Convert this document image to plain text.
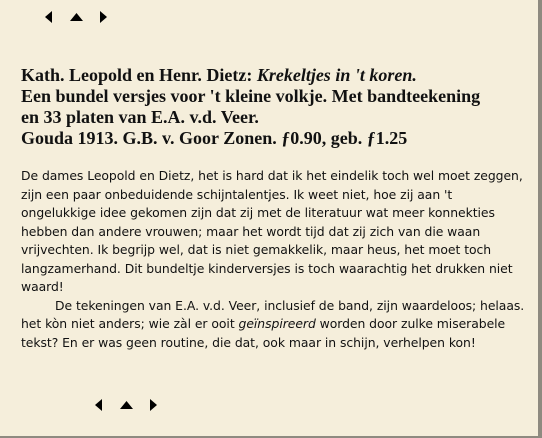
Kath. Leopold en Henr. Dietz: Krekeltjes in 't koren.
Een bundel versjes voor 't kleine volkje. Met bandteekening
en 33 platen van E.A. v.d. Veer.
Gouda 1913. G.B. v. Goor Zonen. ƒ0.90, geb. ƒ1.25

De dames Leopold en Dietz, het is hard dat ik het eindelik toch wel moet zeggen, zijn een paar onbeduidende schijntalentjes. Ik weet niet, hoe zij aan 't ongelukkige idee gekomen zijn dat zij met de literatuur wat meer konnekties hebben dan andere vrouwen; maar het wordt tijd dat zij zich van die waan vrijvechten. Ik begrijp wel, dat is niet gemakkelik, maar heus, het moet toch langzamerhand. Dit bundeltje kinderversjes is toch waarachtig het drukken niet waard!

De tekeningen van E.A. v.d. Veer, inclusief de band, zijn waardeloos; helaas. het kòn niet anders; wie zàl er ooit geïnspireerd worden door zulke miserabele tekst? En er was geen routine, die dat, ook maar in schijn, verhelpen kon!
